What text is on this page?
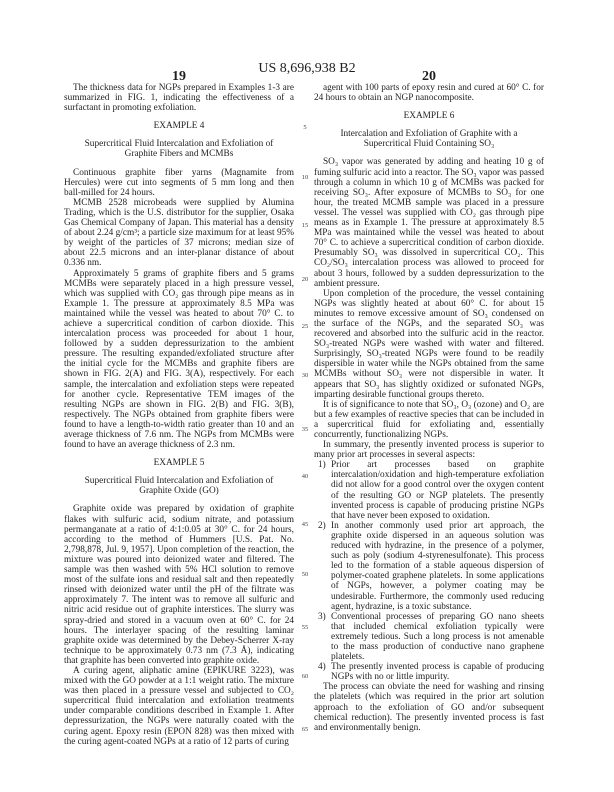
US 8,696,938 B2
19	20

The thickness data for NGPs prepared in Examples 1-3 are summarized in FIG. 1, indicating the effectiveness of a surfactant in promoting exfoliation.

EXAMPLE 4
Supercritical Fluid Intercalation and Exfoliation of
Graphite Fibers and MCMBs

Continuous graphite fiber yarns (Magnamite from Hercules) were cut into segments of 5 mm long and then ball-milled for 24 hours.

MCMB 2528 microbeads were supplied by Alumina Trading, which is the U.S. distributor for the supplier, Osaka Gas Chemical Company of Japan. This material has a density of about 2.24 g/cm³; a particle size maximum for at least 95% by weight of the particles of 37 microns; median size of about 22.5 microns and an inter-planar distance of about 0.336 nm.

Approximately 5 grams of graphite fibers and 5 grams MCMBs were separately placed in a high pressure vessel, which was supplied with CO₂ gas through pipe means as in Example 1. The pressure at approximately 8.5 MPa was maintained while the vessel was heated to about 70° C. to achieve a supercritical condition of carbon dioxide. This intercalation process was proceeded for about 1 hour, followed by a sudden depressurization to the ambient pressure. The resulting expanded/exfoliated structure after the initial cycle for the MCMBs and graphite fibers are shown in FIG. 2(A) and FIG. 3(A), respectively. For each sample, the intercalation and exfoliation steps were repeated for another cycle. Representative TEM images of the resulting NGPs are shown in FIG. 2(B) and FIG. 3(B), respectively. The NGPs obtained from graphite fibers were found to have a length-to-width ratio greater than 10 and an average thickness of 7.6 nm. The NGPs from MCMBs were found to have an average thickness of 2.3 nm.

EXAMPLE 5
Supercritical Fluid Intercalation and Exfoliation of
Graphite Oxide (GO)

Graphite oxide was prepared by oxidation of graphite flakes with sulfuric acid, sodium nitrate, and potassium permanganate at a ratio of 4:1:0.05 at 30° C. for 24 hours, according to the method of Hummers [U.S. Pat. No. 2,798,878, Jul. 9, 1957]. Upon completion of the reaction, the mixture was poured into deionized water and filtered. The sample was then washed with 5% HCl solution to remove most of the sulfate ions and residual salt and then repeatedly rinsed with deionized water until the pH of the filtrate was approximately 7. The intent was to remove all sulfuric and nitric acid residue out of graphite interstices. The slurry was spray-dried and stored in a vacuum oven at 60° C. for 24 hours. The interlayer spacing of the resulting laminar graphite oxide was determined by the Debey-Scherrer X-ray technique to be approximately 0.73 nm (7.3 Å), indicating that graphite has been converted into graphite oxide.

A curing agent, aliphatic amine (EPIKURE 3223), was mixed with the GO powder at a 1:1 weight ratio. The mixture was then placed in a pressure vessel and subjected to CO₂ supercritical fluid intercalation and exfoliation treatments under comparable conditions described in Example 1. After depressurization, the NGPs were naturally coated with the curing agent. Epoxy resin (EPON 828) was then mixed with the curing agent-coated NGPs at a ratio of 12 parts of curing

5
10
15
20
25
30
35
40
45
50
55
60
65

agent with 100 parts of epoxy resin and cured at 60° C. for 24 hours to obtain an NGP nanocomposite.

EXAMPLE 6
Intercalation and Exfoliation of Graphite with a
Supercritical Fluid Containing SO₃

SO₃ vapor was generated by adding and heating 10 g of fuming sulfuric acid into a reactor. The SO₃ vapor was passed through a column in which 10 g of MCMBs was packed for receiving SO₃. After exposure of MCMBs to SO₃ for one hour, the treated MCMB sample was placed in a pressure vessel. The vessel was supplied with CO₂ gas through pipe means as in Example 1. The pressure at approximately 8.5 MPa was maintained while the vessel was heated to about 70° C. to achieve a supercritical condition of carbon dioxide. Presumably SO₃ was dissolved in supercritical CO₂. This CO₂/SO₃ intercalation process was allowed to proceed for about 3 hours, followed by a sudden depressurization to the ambient pressure.

Upon completion of the procedure, the vessel containing NGPs was slightly heated at about 60° C. for about 15 minutes to remove excessive amount of SO₃ condensed on the surface of the NGPs, and the separated SO₃ was recovered and absorbed into the sulfuric acid in the reactor. SO₃-treated NGPs were washed with water and filtered. Surprisingly, SO₃-treated NGPs were found to be readily dispersible in water while the NGPs obtained from the same MCMBs without SO₃ were not dispersible in water. It appears that SO₃ has slightly oxidized or sufonated NGPs, imparting desirable functional groups thereto.

It is of significance to note that SO₃, O₃ (ozone) and O₂ are but a few examples of reactive species that can be included in a supercritical fluid for exfoliating and, essentially concurrently, functionalizing NGPs.

In summary, the presently invented process is superior to many prior art processes in several aspects:

1) Prior art processes based on graphite intercalation/oxidation and high-temperature exfoliation did not allow for a good control over the oxygen content of the resulting GO or NGP platelets. The presently invented process is capable of producing pristine NGPs that have never been exposed to oxidation.
2) In another commonly used prior art approach, the graphite oxide dispersed in an aqueous solution was reduced with hydrazine, in the presence of a polymer, such as poly (sodium 4-styrenesulfonate). This process led to the formation of a stable aqueous dispersion of polymer-coated graphene platelets. In some applications of NGPs, however, a polymer coating may be undesirable. Furthermore, the commonly used reducing agent, hydrazine, is a toxic substance.
3) Conventional processes of preparing GO nano sheets that included chemical exfoliation typically were extremely tedious. Such a long process is not amenable to the mass production of conductive nano graphene platelets.
4) The presently invented process is capable of producing NGPs with no or little impurity.

The process can obviate the need for washing and rinsing the platelets (which was required in the prior art solution approach to the exfoliation of GO and/or subsequent chemical reduction). The presently invented process is fast and environmentally benign.
